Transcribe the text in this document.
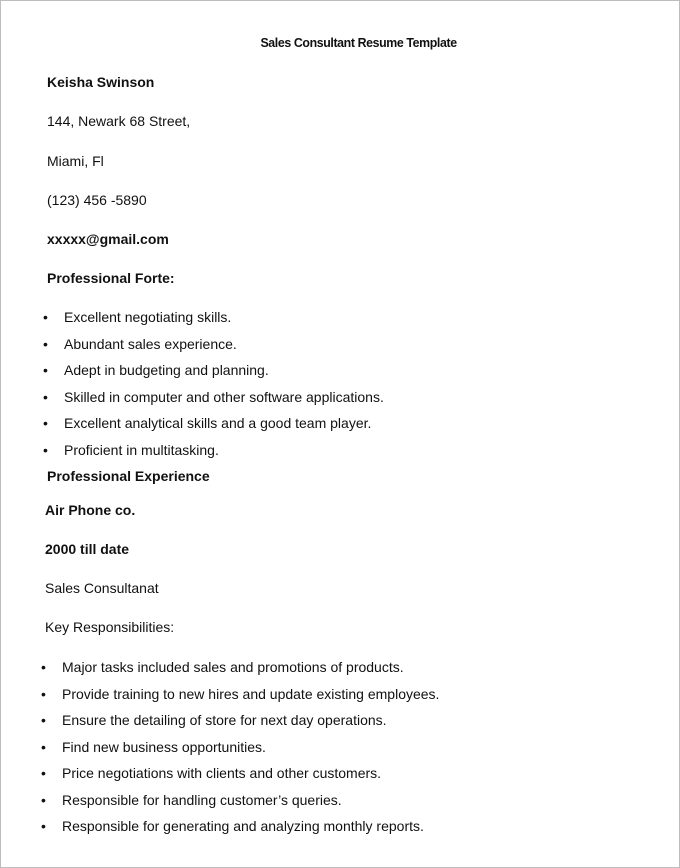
Sales Consultant Resume Template
Keisha Swinson
144, Newark 68 Street,
Miami, Fl
(123) 456 -5890
xxxxx@gmail.com
Professional Forte:
• Excellent negotiating skills.
• Abundant sales experience.
• Adept in budgeting and planning.
• Skilled in computer and other software applications.
• Excellent analytical skills and a good team player.
• Proficient in multitasking.
Professional Experience
Air Phone co.
2000 till date
Sales Consultanat
Key Responsibilities:
• Major tasks included sales and promotions of products.
• Provide training to new hires and update existing employees.
• Ensure the detailing of store for next day operations.
• Find new business opportunities.
• Price negotiations with clients and other customers.
• Responsible for handling customer’s queries.
• Responsible for generating and analyzing monthly reports.
